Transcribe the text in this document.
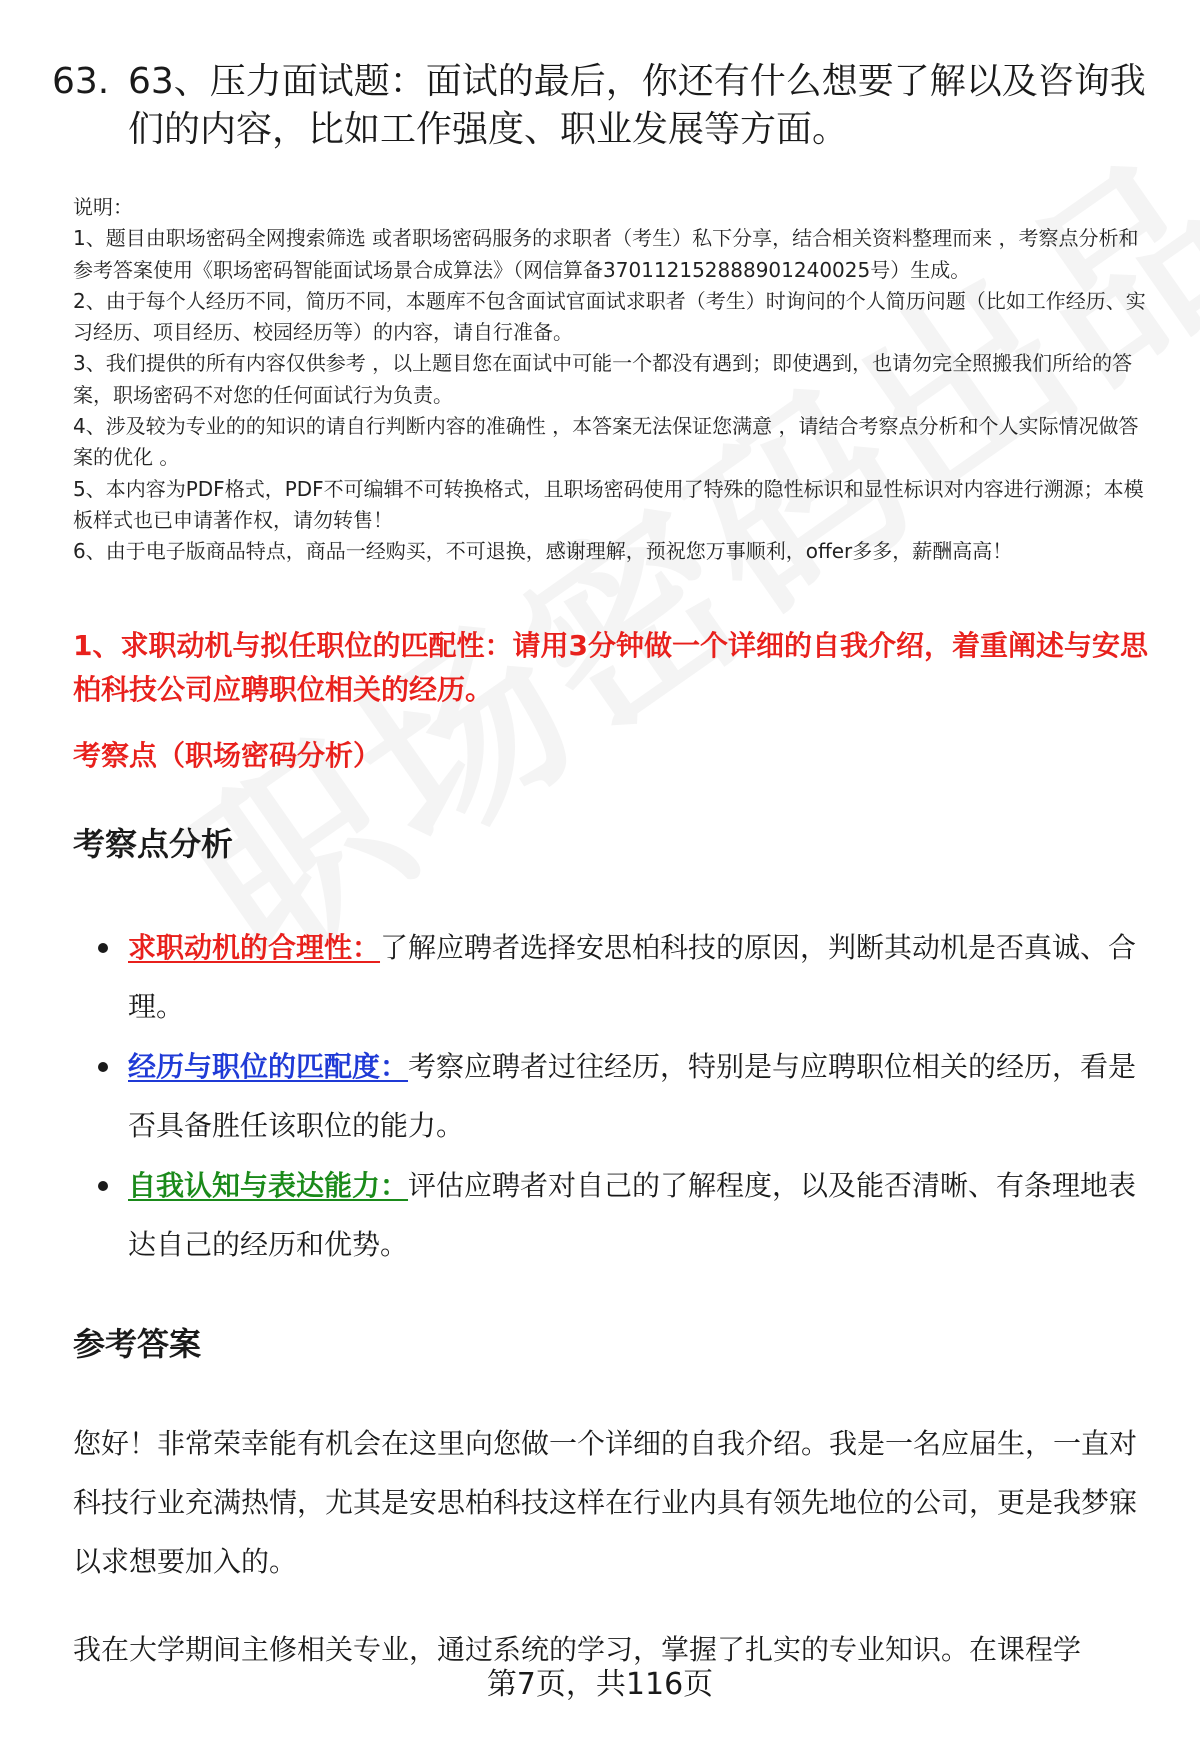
63. 63、压力面试题：面试的最后，你还有什么想要了解以及咨询我们的内容，比如工作强度、职业发展等方面。

说明：

1、题目由职场密码全网搜索筛选 或者职场密码服务的求职者（考生）私下分享，结合相关资料整理而来 ，考察点分析和参考答案使用《职场密码智能面试场景合成算法》（网信算备370112152888901240025号）生成。

2、由于每个人经历不同，简历不同，本题库不包含面试官面试求职者（考生）时询问的个人简历问题（比如工作经历、实习经历、项目经历、校园经历等）的内容，请自行准备。

3、我们提供的所有内容仅供参考 ，以上题目您在面试中可能一个都没有遇到；即使遇到，也请勿完全照搬我们所给的答案，职场密码不对您的任何面试行为负责。

4、涉及较为专业的的知识的请自行判断内容的准确性 ，本答案无法保证您满意 ，请结合考察点分析和个人实际情况做答案的优化 。

5、本内容为PDF格式，PDF不可编辑不可转换格式，且职场密码使用了特殊的隐性标识和显性标识对内容进行溯源；本模板样式也已申请著作权，请勿转售！

6、由于电子版商品特点，商品一经购买，不可退换，感谢理解，预祝您万事顺利，offer多多，薪酬高高！

1、求职动机与拟任职位的匹配性：请用3分钟做一个详细的自我介绍，着重阐述与安思柏科技公司应聘职位相关的经历。
考察点（职场密码分析）
考察点分析
求职动机的合理性：了解应聘者选择安思柏科技的原因，判断其动机是否真诚、合理。
经历与职位的匹配度：考察应聘者过往经历，特别是与应聘职位相关的经历，看是否具备胜任该职位的能力。
自我认知与表达能力：评估应聘者对自己的了解程度，以及能否清晰、有条理地表达自己的经历和优势。
参考答案

您好！非常荣幸能有机会在这里向您做一个详细的自我介绍。我是一名应届生，一直对科技行业充满热情，尤其是安思柏科技这样在行业内具有领先地位的公司，更是我梦寐以求想要加入的。

我在大学期间主修相关专业，通过系统的学习，掌握了扎实的专业知识。在课程学

第7页，共116页
